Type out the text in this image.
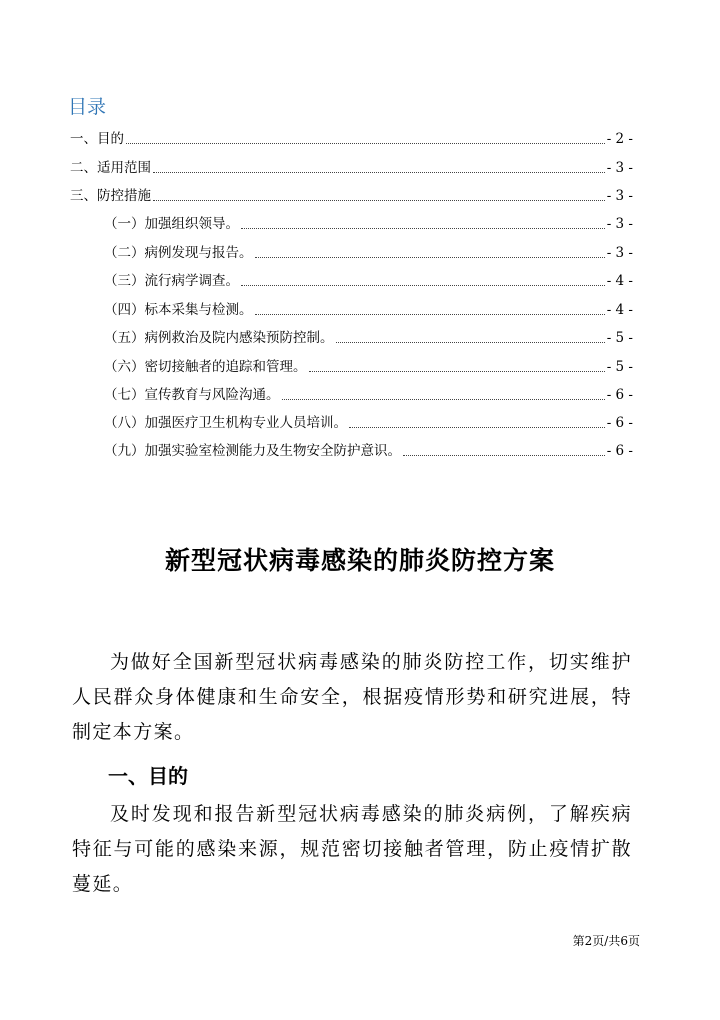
目录
一、目的	- 2 -
二、适用范围	- 3 -
三、防控措施	- 3 -
（一）加强组织领导。	- 3 -
（二）病例发现与报告。	- 3 -
（三）流行病学调查。	- 4 -
（四）标本采集与检测。	- 4 -
（五）病例救治及院内感染预防控制。	- 5 -
（六）密切接触者的追踪和管理。	- 5 -
（七）宣传教育与风险沟通。	- 6 -
（八）加强医疗卫生机构专业人员培训。	- 6 -
（九）加强实验室检测能力及生物安全防护意识。	- 6 -
新型冠状病毒感染的肺炎防控方案

为做好全国新型冠状病毒感染的肺炎防控工作，切实维护人民群众身体健康和生命安全，根据疫情形势和研究进展，特制定本方案。

一、目的

及时发现和报告新型冠状病毒感染的肺炎病例，了解疾病特征与可能的感染来源，规范密切接触者管理，防止疫情扩散蔓延。

第2页/共6页
